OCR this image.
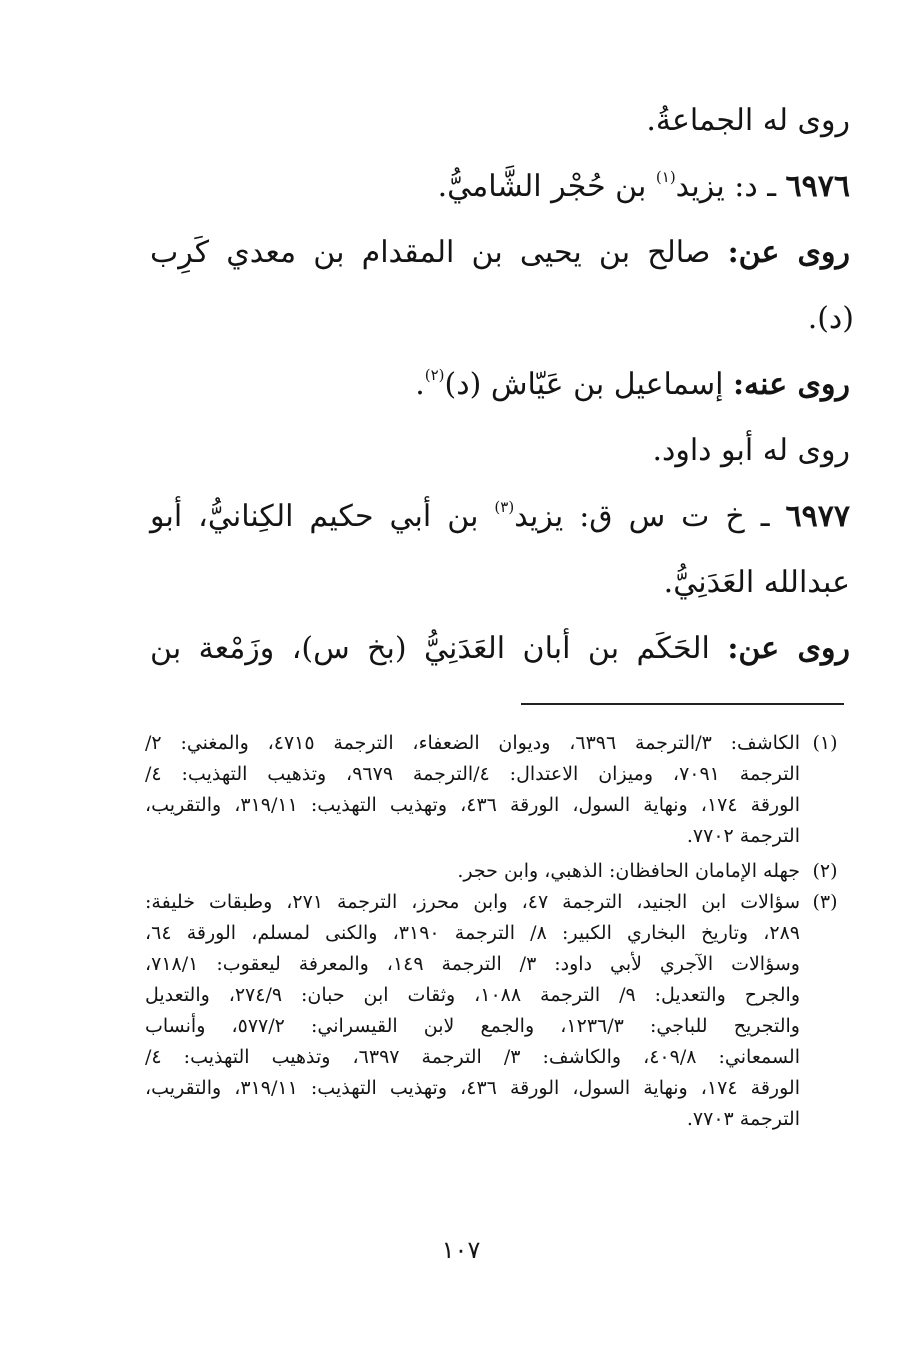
روى له الجماعةُ.
٦٩٧٦ ـ د: يزيد$^{(١)}$ بن حُجْر الشَّاميُّ.
روى عن: صالح بن يحيى بن المقدام بن معدي كَرِب
(د).
روى عنه: إسماعيل بن عَيّاش (د)$^{(٢)}$.
روى له أبو داود.
٦٩٧٧ ـ خ ت س ق: يزيد$^{(٣)}$ بن أبي حكيم الكِنانيُّ، أبو
عبدالله العَدَنِيُّ.
روى عن: الحَكَم بن أبان العَدَنِيُّ (بخ س)، وزَمْعة بن
(١)
الكاشف: ٣/الترجمة ٦٣٩٦، وديوان الضعفاء، الترجمة ٤٧١٥، والمغني: ٢/
الترجمة ٧٠٩١، وميزان الاعتدال: ٤/الترجمة ٩٦٧٩، وتذهيب التهذيب: ٤/
الورقة ١٧٤، ونهاية السول، الورقة ٤٣٦، وتهذيب التهذيب: ٣١٩/١١، والتقريب،
الترجمة ٧٧٠٢.
(٢)
جهله الإمامان الحافظان: الذهبي، وابن حجر.
(٣)
سؤالات ابن الجنيد، الترجمة ٤٧، وابن محرز، الترجمة ٢٧١، وطبقات خليفة:
٢٨٩، وتاريخ البخاري الكبير: ٨/ الترجمة ٣١٩٠، والكنى لمسلم، الورقة ٦٤،
وسؤالات الآجري لأبي داود: ٣/ الترجمة ١٤٩، والمعرفة ليعقوب: ٧١٨/١،
والجرح والتعديل: ٩/ الترجمة ١٠٨٨، وثقات ابن حبان: ٢٧٤/٩، والتعديل
والتجريح للباجي: ١٢٣٦/٣، والجمع لابن القيسراني: ٥٧٧/٢، وأنساب
السمعاني: ٤٠٩/٨، والكاشف: ٣/ الترجمة ٦٣٩٧، وتذهيب التهذيب: ٤/
الورقة ١٧٤، ونهاية السول، الورقة ٤٣٦، وتهذيب التهذيب: ٣١٩/١١، والتقريب،
الترجمة ٧٧٠٣.
١٠٧
